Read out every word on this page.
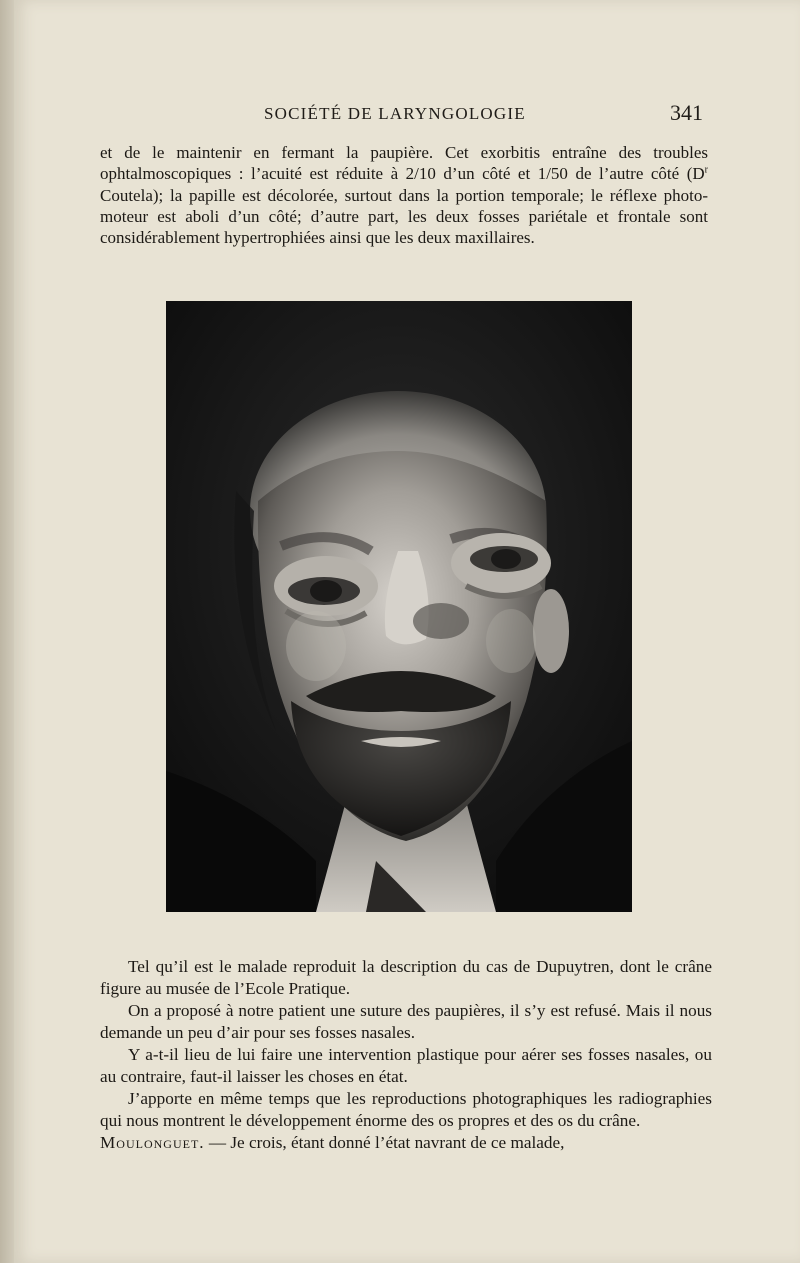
SOCIÉTÉ DE LARYNGOLOGIE	341

et de le maintenir en fermant la paupière. Cet exorbitis entraîne des troubles ophtalmoscopiques : l’acuité est réduite à 2/10 d’un côté et 1/50 de l’autre côté ($D^r$ Coutela); la papille est décolorée, surtout dans la portion temporale; le réflexe photo-moteur est aboli d’un côté; d’autre part, les deux fosses pariétale et frontale sont considérablement hypertrophiées ainsi que les deux maxillaires.

Tel qu’il est le malade reproduit la description du cas de Dupuytren, dont le crâne figure au musée de l’Ecole Pratique.

On a proposé à notre patient une suture des paupières, il s’y est refusé. Mais il nous demande un peu d’air pour ses fosses nasales.

Y a-t-il lieu de lui faire une intervention plastique pour aérer ses fosses nasales, ou au contraire, faut-il laisser les choses en état.

J’apporte en même temps que les reproductions photographiques les radiographies qui nous montrent le développement énorme des os propres et des os du crâne.

Moulonguet. — Je crois, étant donné l’état navrant de ce malade,
